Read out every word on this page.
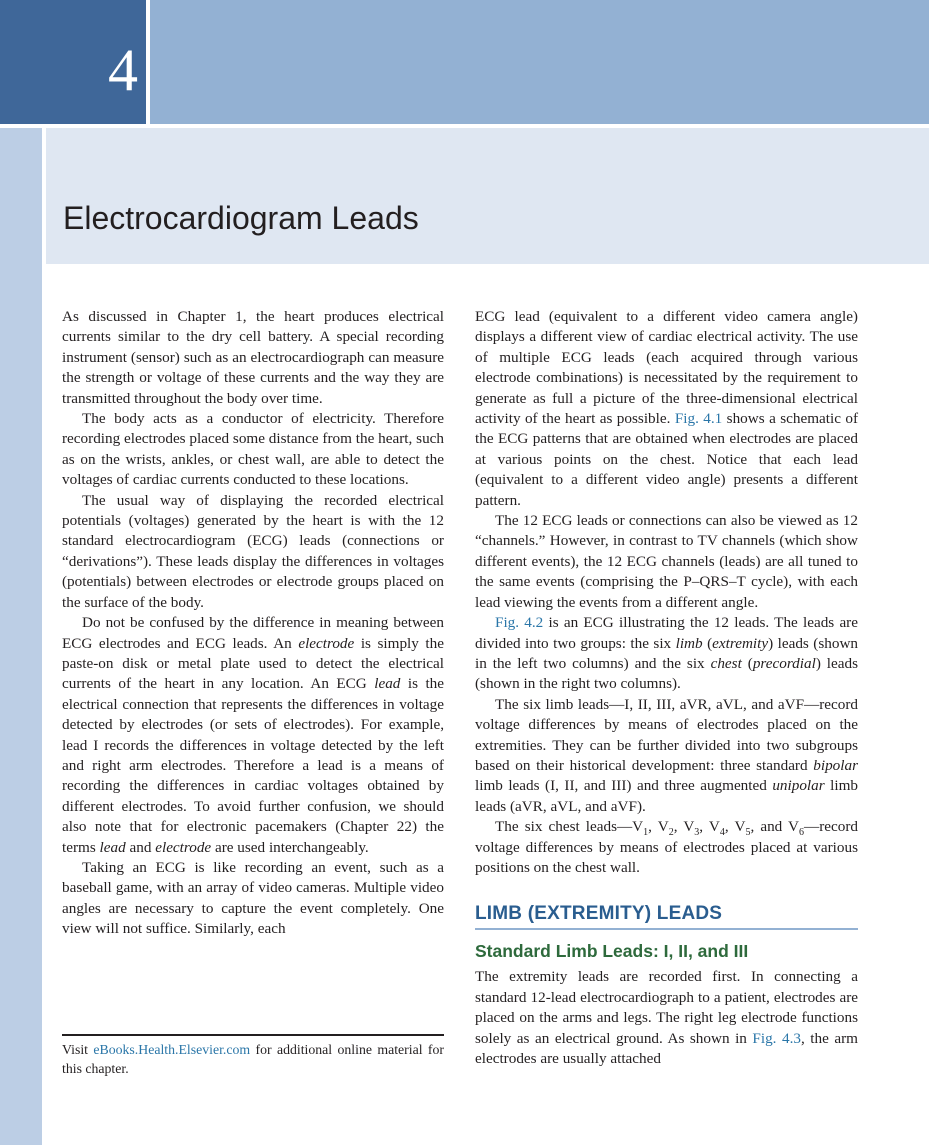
4
Electrocardiogram Leads

As discussed in Chapter 1, the heart produces electrical currents similar to the dry cell battery. A special recording instrument (sensor) such as an electrocardiograph can measure the strength or voltage of these currents and the way they are transmitted throughout the body over time.

The body acts as a conductor of electricity. Therefore recording electrodes placed some distance from the heart, such as on the wrists, ankles, or chest wall, are able to detect the voltages of cardiac currents conducted to these locations.

The usual way of displaying the recorded electrical potentials (voltages) generated by the heart is with the 12 standard electrocardiogram (ECG) leads (connections or “derivations”). These leads display the differences in voltages (potentials) between electrodes or electrode groups placed on the surface of the body.

Do not be confused by the difference in meaning between ECG electrodes and ECG leads. An electrode is simply the paste-on disk or metal plate used to detect the electrical currents of the heart in any location. An ECG lead is the electrical connection that represents the differences in voltage detected by electrodes (or sets of electrodes). For example, lead I records the differences in voltage detected by the left and right arm electrodes. Therefore a lead is a means of recording the differences in cardiac voltages obtained by different electrodes. To avoid further confusion, we should also note that for electronic pacemakers (Chapter 22) the terms lead and electrode are used interchangeably.

Taking an ECG is like recording an event, such as a baseball game, with an array of video cameras. Multiple video angles are necessary to capture the event completely. One view will not suffice. Similarly, each

Visit eBooks.Health.Elsevier.com for additional online material for this chapter.

ECG lead (equivalent to a different video camera angle) displays a different view of cardiac electrical activity. The use of multiple ECG leads (each acquired through various electrode combinations) is necessitated by the requirement to generate as full a picture of the three-dimensional electrical activity of the heart as possible. Fig. 4.1 shows a schematic of the ECG patterns that are obtained when electrodes are placed at various points on the chest. Notice that each lead (equivalent to a different video angle) presents a different pattern.

The 12 ECG leads or connections can also be viewed as 12 “channels.” However, in contrast to TV channels (which show different events), the 12 ECG channels (leads) are all tuned to the same events (comprising the P–QRS–T cycle), with each lead viewing the events from a different angle.

Fig. 4.2 is an ECG illustrating the 12 leads. The leads are divided into two groups: the six limb (extremity) leads (shown in the left two columns) and the six chest (precordial) leads (shown in the right two columns).

The six limb leads—I, II, III, aVR, aVL, and aVF—record voltage differences by means of electrodes placed on the extremities. They can be further divided into two subgroups based on their historical development: three standard bipolar limb leads (I, II, and III) and three augmented unipolar limb leads (aVR, aVL, and aVF).

The six chest $leads—V_1$, $V_2$, $V_3$, $V_4$, $V_5$, and $V_6—record$ voltage differences by means of electrodes placed at various positions on the chest wall.

LIMB (EXTREMITY) LEADS
Standard Limb Leads: I, II, and III

The extremity leads are recorded first. In connecting a standard 12-lead electrocardiograph to a patient, electrodes are placed on the arms and legs. The right leg electrode functions solely as an electrical ground. As shown in Fig. 4.3, the arm electrodes are usually attached
